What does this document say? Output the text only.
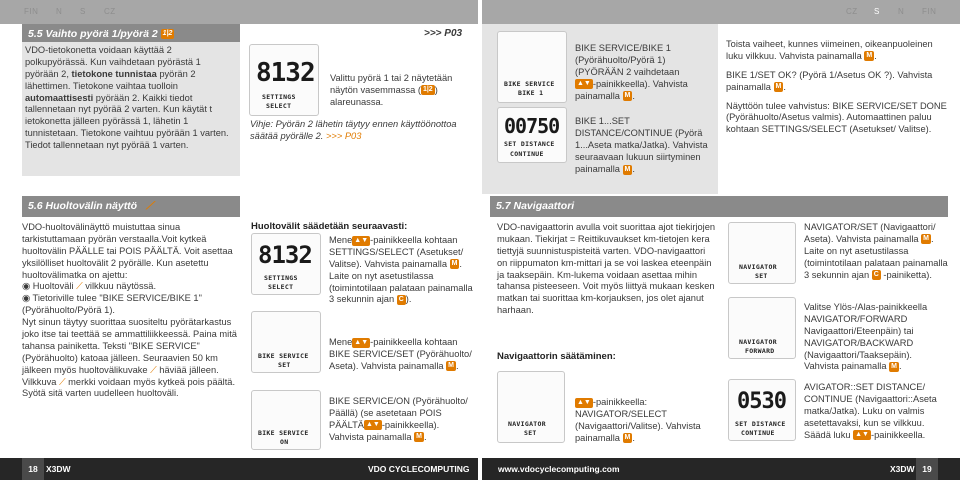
FIN N S CZ	CZ S N FIN
5.5 Vaihto pyörä 1/pyörä 2 1|2
VDO-tietokonetta voidaan käyttää 2 polkupyörässä. Kun vaihdetaan pyörästä 1 pyörään 2, tietokone tunnistaa pyörän 2 lähettimen. Tietokone vaihtaa tuolloin automaattisesti pyörään 2. Kaikki tiedot tallennetaan nyt pyörää 2 varten. Kun käytät t ietokonetta jälleen pyörässä 1, lähetin 1 tunnistetaan. Tietokone vaihtuu pyörään 1 varten. Tiedot tallennetaan nyt pyörää 1 varten.
8132
SETTINGS
SELECT
>>> P03
Valittu pyörä 1 tai 2 näytetään näytön vasemmassa ( 1|2 ) alareunassa.
Vihje: Pyörän 2 lähetin täytyy ennen käyttöönottoa säätää pyörälle 2. >>> P03
BIKE SERVICE
BIKE 1
00750
SET DISTANCE
CONTINUE
BIKE SERVICE/BIKE 1
(Pyörähuolto/Pyörä 1)
(PYÖRÄÄN 2 vaihdetaan
▲▼ -painikkeella). Vahvista painamalla M .
BIKE 1...SET DISTANCE/CONTINUE (Pyörä 1...Aseta matka/Jatka). Vahvista seuraavaan lukuun siirtyminen painamalla M .
Toista vaiheet, kunnes viimeinen, oikeanpuoleinen luku vilkkuu. Vahvista painamalla M .
BIKE 1/SET OK? (Pyörä 1/Asetus OK ?). Vahvista painamalla M .
Näyttöön tulee vahvistus: BIKE SERVICE/SET DONE (Pyörähuolto/Asetus valmis). Automaattinen paluu kohtaan SETTINGS/SELECT (Asetukset/ Valitse).
5.6 Huoltovälin näyttö ⟋
VDO-huoltovälinäyttö muistuttaa sinua tarkistuttamaan pyörän verstaalla.Voit kytkeä huoltovälin PÄÄLLE tai POIS PÄÄLTÄ. Voit asettaa yksilölliset huoltovälit 2 pyörälle. Kun asetettu huoltovälimatka on ajettu:
◉ Huoltoväli ⟋ vilkkuu näytössä.
◉ Tietoriville tulee "BIKE SERVICE/BIKE 1" (Pyörähuolto/Pyörä 1).
Nyt sinun täytyy suorittaa suositeltu pyörätarkastus joko itse tai teettää se ammattiliikkeessä. Paina mitä tahansa painiketta. Teksti "BIKE SERVICE" (Pyörähuolto) katoaa jälleen. Seuraavien 50 km jälkeen myös huoltovälikuvake ⟋ häviää jälleen. Vilkkuva ⟋ merkki voidaan myös kytkeä pois päältä. Syötä sitä varten uudelleen huoltoväli.
Huoltovälit säädetään seuraavasti:
8132
SETTINGS
SELECT
BIKE SERVICE
SET
BIKE SERVICE
ON
Mene ▲▼ -painikkeella kohtaan SETTINGS/SELECT (Asetukset/ Valitse). Vahvista painamalla M . Laite on nyt asetustilassa (toimintotilaan palataan painamalla 3 sekunnin ajan C ).
Mene ▲▼ -painikkeella kohtaan BIKE SERVICE/SET (Pyörähuolto/ Aseta). Vahvista painamalla M .
BIKE SERVICE/ON (Pyörähuolto/ Päällä) (se asetetaan POIS PÄÄLTÄ ▲▼ -painikkeella). Vahvista painamalla M .
5.7 Navigaattori
VDO-navigaattorin avulla voit suorittaa ajot tiekirjojen mukaan. Tiekirjat = Reittikuvaukset km-tietojen kera tiettyjä suunnistuspisteitä varten. VDO-navigaattori on riippumaton km-mittari ja se voi laskea eteenpäin ja taaksepäin. Km-lukema voidaan asettaa mihin tahansa pisteeseen. Voit myös liittyä mukaan kesken matkan tai suorittaa km-korjauksen, jos olet ajanut harhaan.
Navigaattorin säätäminen:
NAVIGATOR
SET
▲▼ -painikkeella: NAVIGATOR/SELECT (Navigaattori/Valitse). Vahvista painamalla M .
NAVIGATOR
SET
NAVIGATOR
FORWARD
0530
SET DISTANCE
CONTINUE
NAVIGATOR/SET (Navigaattori/ Aseta). Vahvista painamalla M . Laite on nyt asetustilassa (toimintotilaan palataan painamalla 3 sekunnin ajan C -painiketta).
Valitse Ylös-/Alas-painikkeella NAVIGATOR/FORWARD Navigaattori/Eteenpäin) tai NAVIGATOR/BACKWARD (Navigaattori/Taaksepäin). Vahvista painamalla M .
AVIGATOR::SET DISTANCE/ CONTINUE (Navigaattori::Aseta matka/Jatka). Luku on valmis asetettavaksi, kun se vilkkuu. Säädä luku ▲▼ -painikkeella.
X3DW	VDO CYCLECOMPUTING
18	www.vdocyclecomputing.com	X3DW 19
